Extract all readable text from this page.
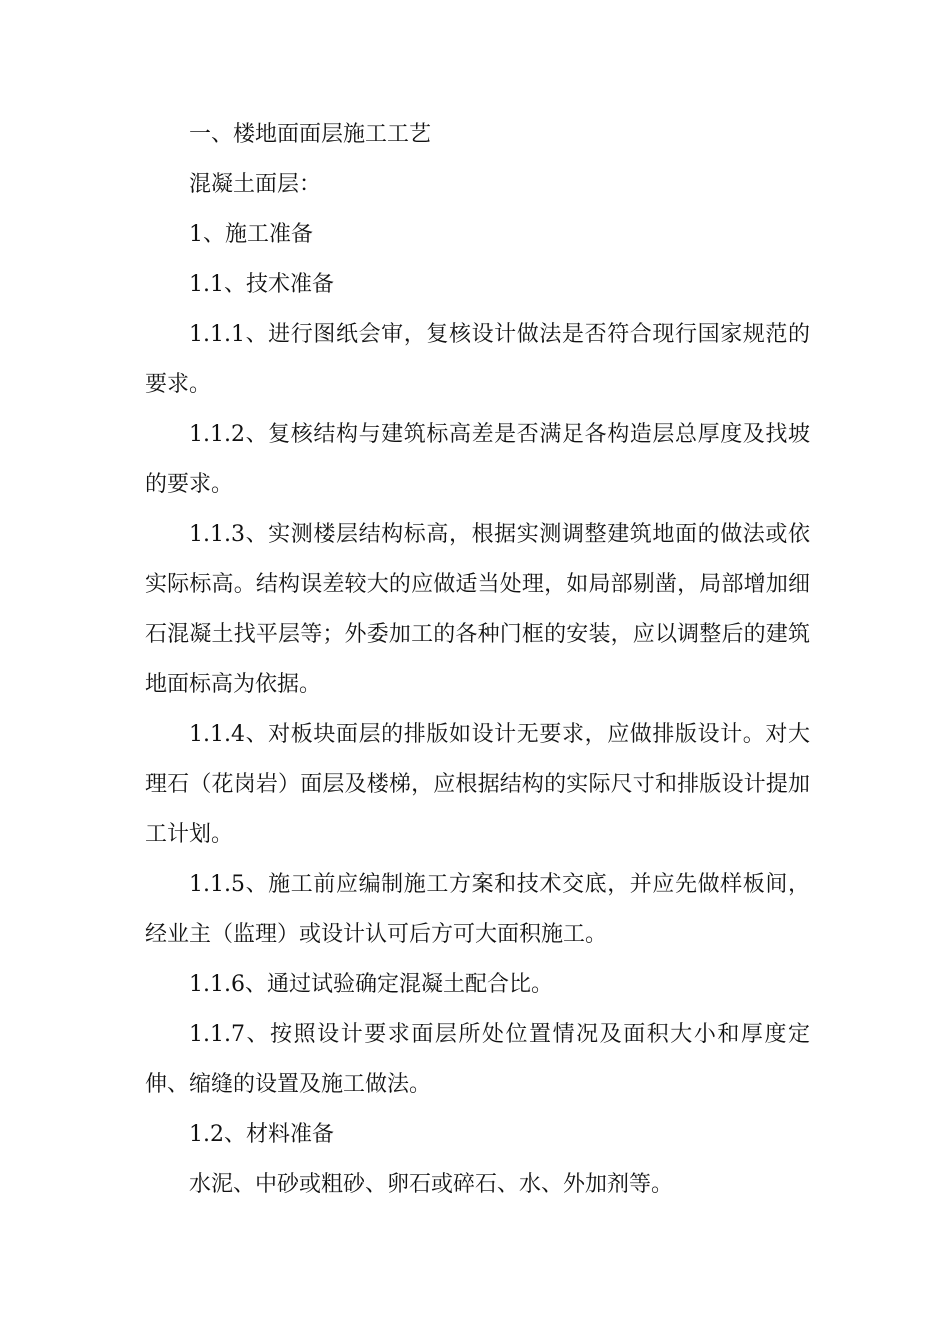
一、楼地面面层施工工艺

混凝土面层：

1、施工准备

1.1、技术准备

1.1.1、进行图纸会审，复核设计做法是否符合现行国家规范的要求。

1.1.2、复核结构与建筑标高差是否满足各构造层总厚度及找坡的要求。

1.1.3、实测楼层结构标高，根据实测调整建筑地面的做法或依实际标高。结构误差较大的应做适当处理，如局部剔凿，局部增加细石混凝土找平层等；外委加工的各种门框的安装，应以调整后的建筑地面标高为依据。

1.1.4、对板块面层的排版如设计无要求，应做排版设计。对大理石（花岗岩）面层及楼梯，应根据结构的实际尺寸和排版设计提加工计划。

1.1.5、施工前应编制施工方案和技术交底，并应先做样板间，经业主（监理）或设计认可后方可大面积施工。

1.1.6、通过试验确定混凝土配合比。

1.1.7、按照设计要求面层所处位置情况及面积大小和厚度定伸、缩缝的设置及施工做法。

1.2、材料准备

水泥、中砂或粗砂、卵石或碎石、水、外加剂等。
